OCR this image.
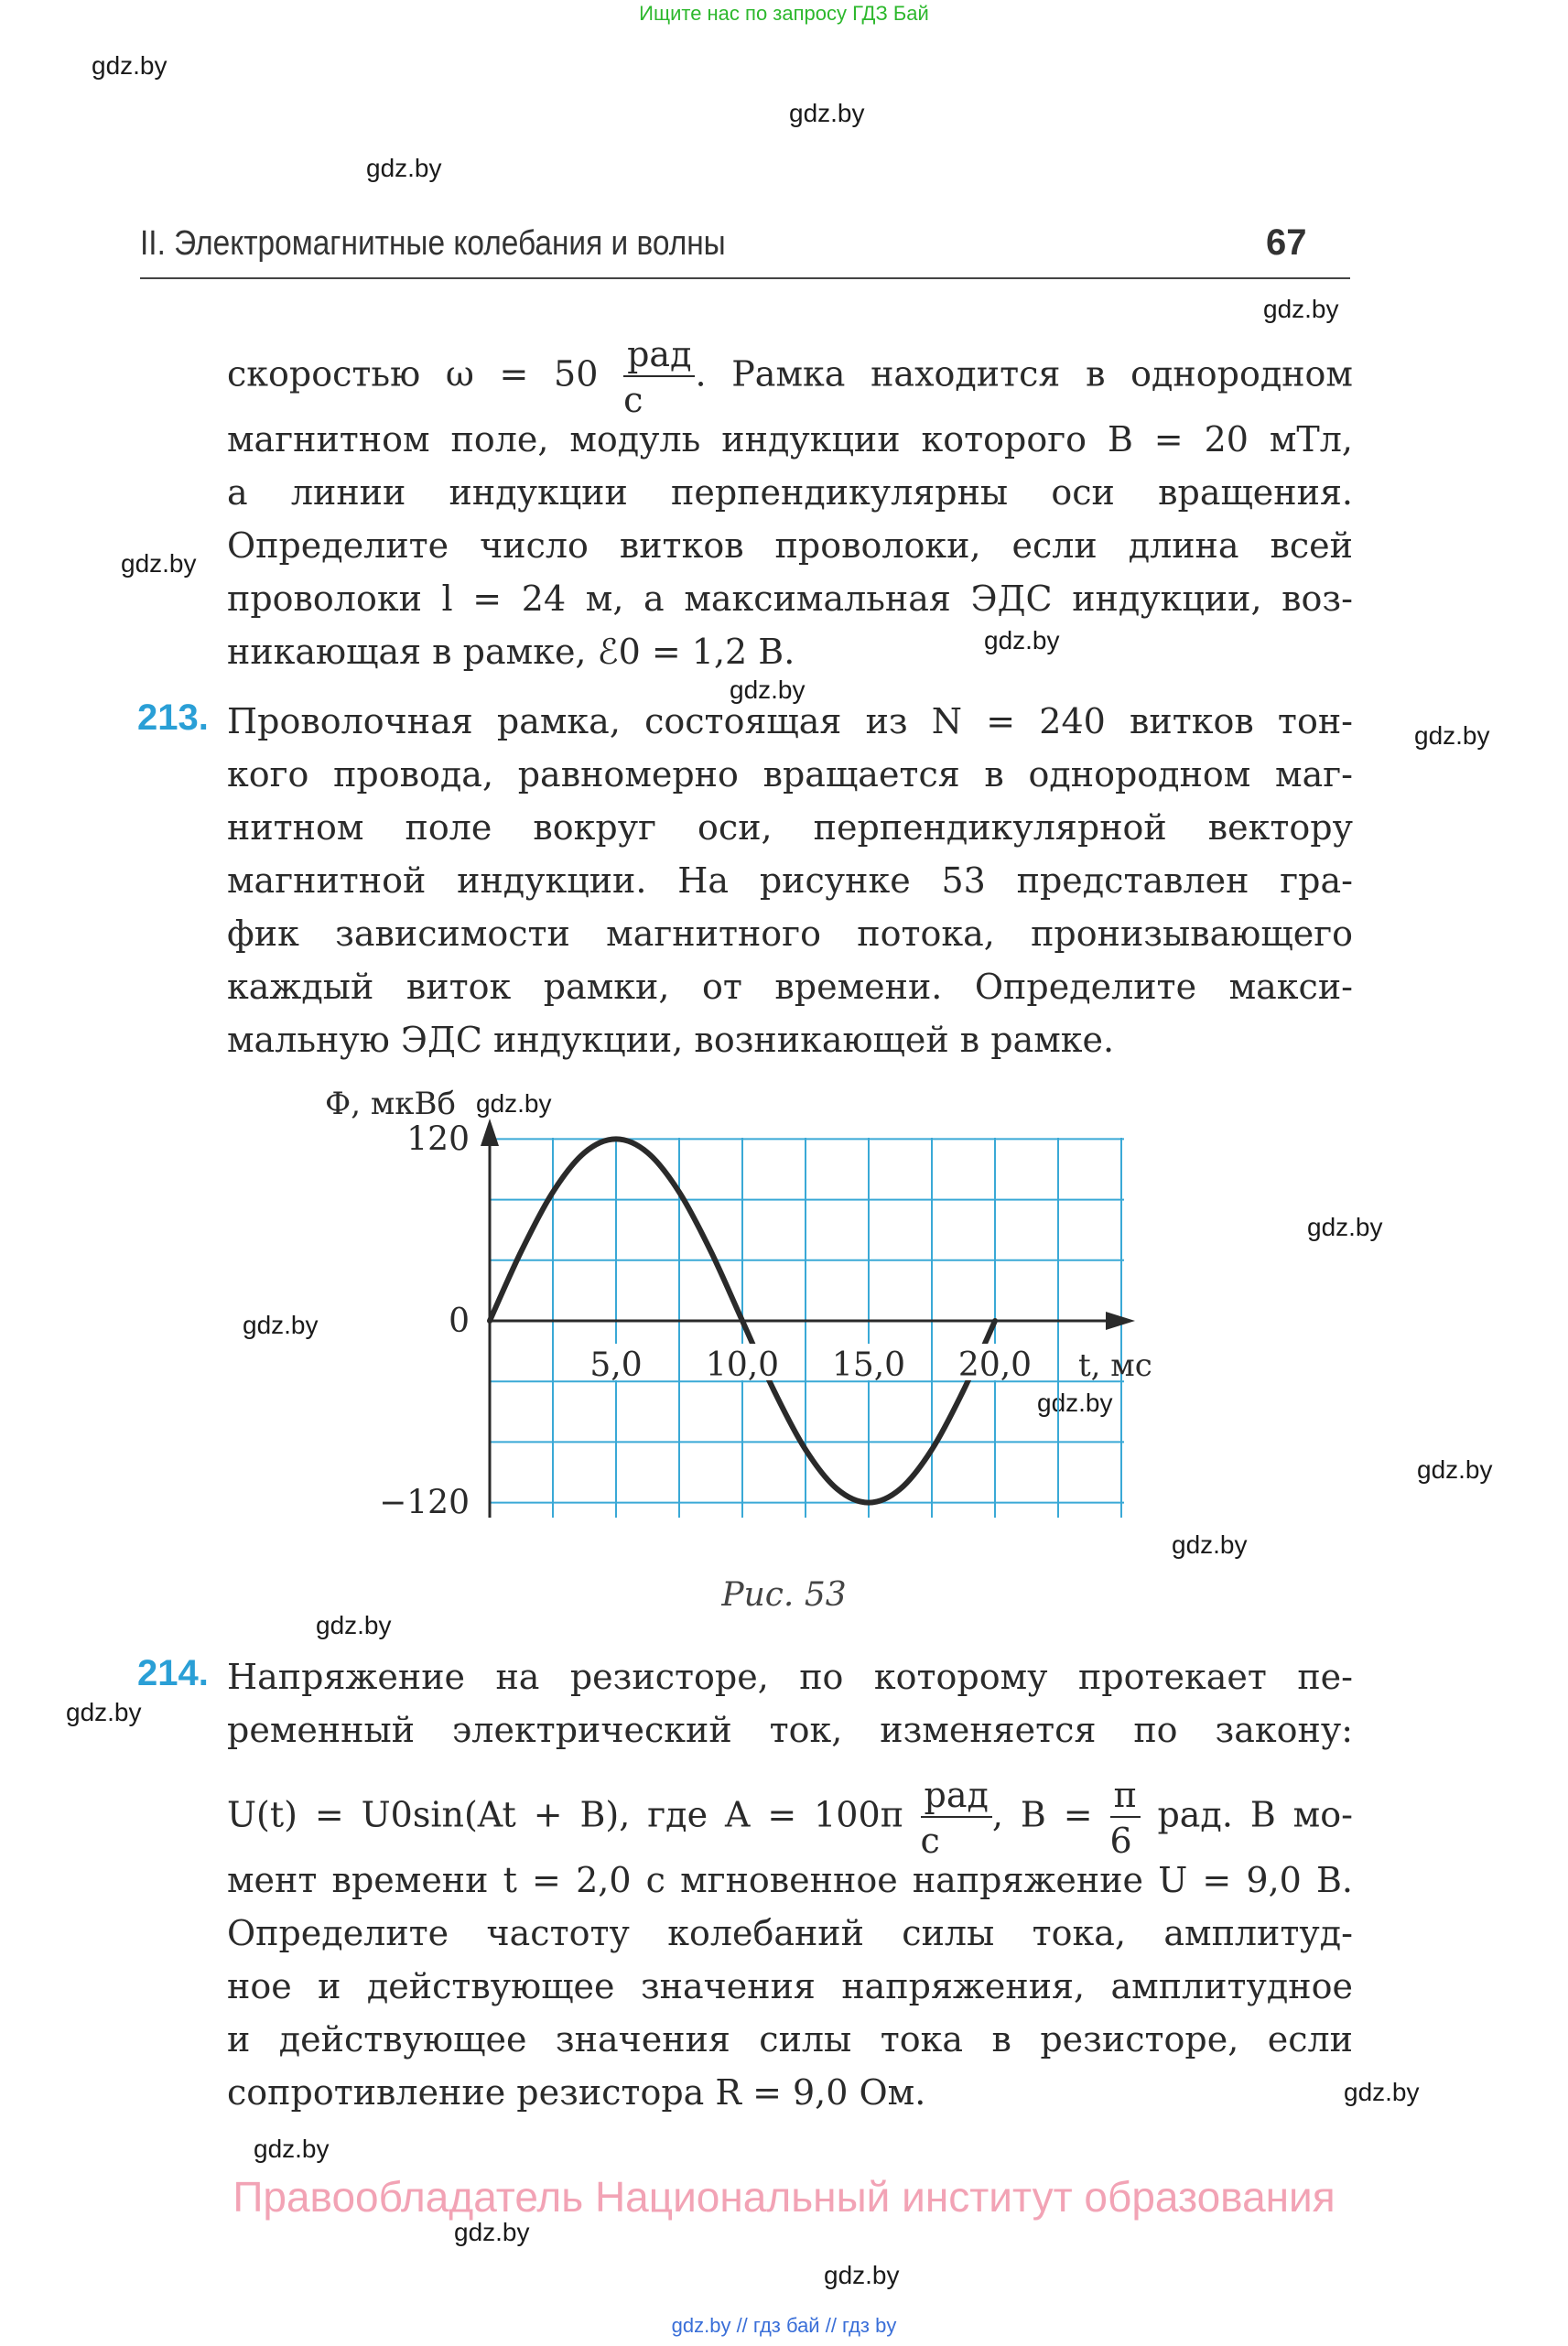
Ищите нас по запросу ГДЗ Бай
gdz.by
gdz.by
gdz.by
gdz.by
gdz.by
gdz.by
gdz.by
gdz.by
gdz.by
gdz.by
gdz.by
gdz.by
gdz.by
gdz.by
gdz.by
gdz.by
gdz.by
gdz.by
gdz.by
gdz.by
II. Электромагнитные колебания и волны	67
скоростью $\omega = 50 \frac{\text{рад}}{с}$ . Рамка находится в однородном
магнитном поле, модуль индукции которого B = 20 мТл,
а линии индукции перпендикулярны оси вращения.
Определите число витков проволоки, если длина всей
проволоки l = 24 м, а максимальная ЭДС индукции, воз-
никающая в рамке, ℰ0 = 1,2 В.
213. Проволочная рамка, состоящая из N = 240 витков тон-
кого провода, равномерно вращается в однородном маг-
нитном поле вокруг оси, перпендикулярной вектору
магнитной индукции. На рисунке 53 представлен гра-
фик зависимости магнитного потока, пронизывающего
каждый виток рамки, от времени. Определите макси-
мальную ЭДС индукции, возникающей в рамке.
Ф, мкВб
120
0
−120
5,0 10,0 15,0 20,0 t, мс
Рис. 53
214. Напряжение на резисторе, по которому протекает пе-
ременный электрический ток, изменяется по закону:
U(t) = U0sin(At + B), где $A = 100\pi \frac{\text{рад}}{с}$ , $B = \frac{\pi}{6}$ рад. В мо-
мент времени t = 2,0 с мгновенное напряжение U = 9,0 В.
Определите частоту колебаний силы тока, амплитуд-
ное и действующее значения напряжения, амплитудное
и действующее значения силы тока в резисторе, если
сопротивление резистора R = 9,0 Ом.
Правообладатель Национальный институт образования
gdz.by // гдз бай // гдз by
